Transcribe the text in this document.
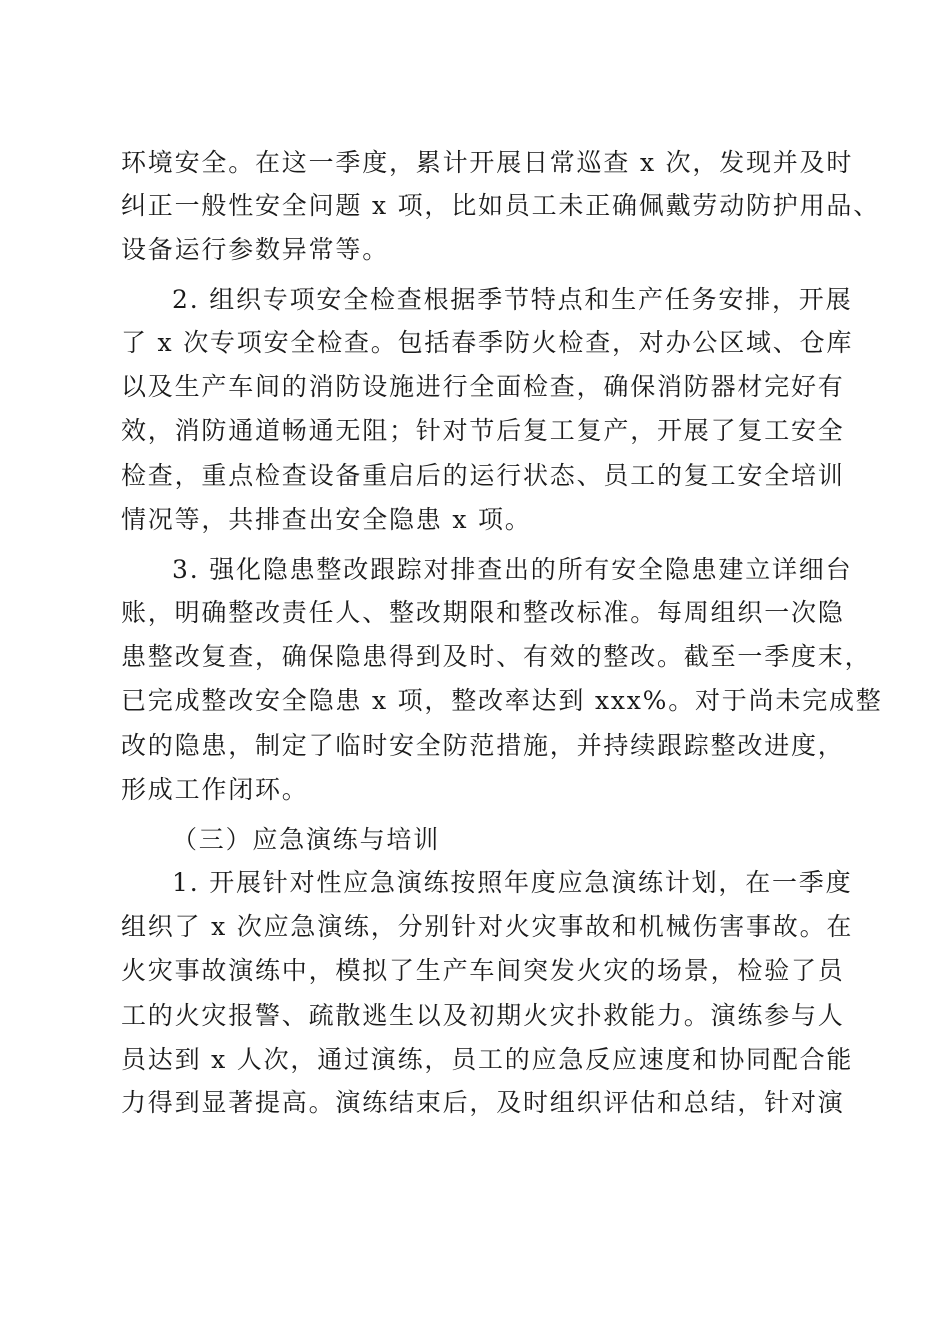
环境安全。在这一季度，累计开展日常巡查 x 次，发现并及时
纠正一般性安全问题 x 项，比如员工未正确佩戴劳动防护用品、
设备运行参数异常等。
2. 组织专项安全检查根据季节特点和生产任务安排，开展
了 x 次专项安全检查。包括春季防火检查，对办公区域、仓库
以及生产车间的消防设施进行全面检查，确保消防器材完好有
效，消防通道畅通无阻；针对节后复工复产，开展了复工安全
检查，重点检查设备重启后的运行状态、员工的复工安全培训
情况等，共排查出安全隐患 x 项。
3. 强化隐患整改跟踪对排查出的所有安全隐患建立详细台
账，明确整改责任人、整改期限和整改标准。每周组织一次隐
患整改复查，确保隐患得到及时、有效的整改。截至一季度末，
已完成整改安全隐患 x 项，整改率达到 xxx%。对于尚未完成整
改的隐患，制定了临时安全防范措施，并持续跟踪整改进度，
形成工作闭环。
（三）应急演练与培训
1. 开展针对性应急演练按照年度应急演练计划，在一季度
组织了 x 次应急演练，分别针对火灾事故和机械伤害事故。在
火灾事故演练中，模拟了生产车间突发火灾的场景，检验了员
工的火灾报警、疏散逃生以及初期火灾扑救能力。演练参与人
员达到 x 人次，通过演练，员工的应急反应速度和协同配合能
力得到显著提高。演练结束后，及时组织评估和总结，针对演
